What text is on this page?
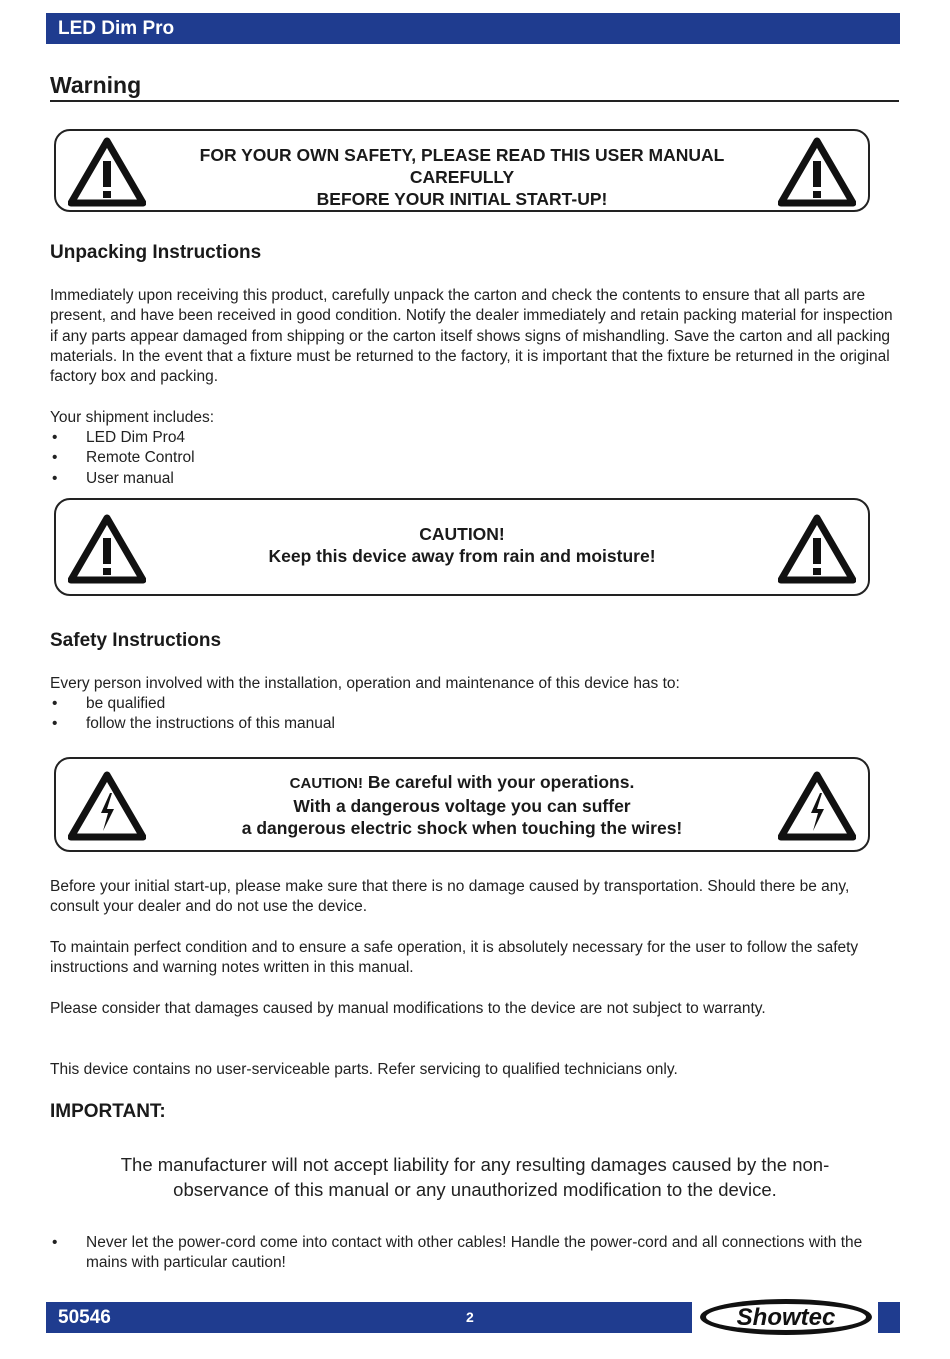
LED Dim Pro
Warning
FOR YOUR OWN SAFETY, PLEASE READ THIS USER MANUAL CAREFULLY
BEFORE YOUR INITIAL START-UP!
Unpacking Instructions

Immediately upon receiving this product, carefully unpack the carton and check the contents to ensure that all parts are present, and have been received in good condition. Notify the dealer immediately and retain packing material for inspection if any parts appear damaged from shipping or the carton itself shows signs of mishandling. Save the carton and all packing materials. In the event that a fixture must be returned to the factory, it is important that the fixture be returned in the original factory box and packing.

Your shipment includes:
• LED Dim Pro4
• Remote Control
• User manual
CAUTION!
Keep this device away from rain and moisture!
Safety Instructions
Every person involved with the installation, operation and maintenance of this device has to:
• be qualified
• follow the instructions of this manual
CAUTION! Be careful with your operations.
With a dangerous voltage you can suffer
a dangerous electric shock when touching the wires!
Before your initial start-up, please make sure that there is no damage caused by transportation. Should there be any, consult your dealer and do not use the device.
To maintain perfect condition and to ensure a safe operation, it is absolutely necessary for the user to follow the safety instructions and warning notes written in this manual.
Please consider that damages caused by manual modifications to the device are not subject to warranty.
This device contains no user-serviceable parts. Refer servicing to qualified technicians only.
IMPORTANT:
The manufacturer will not accept liability for any resulting damages caused by the non-
observance of this manual or any unauthorized modification to the device.
• Never let the power-cord come into contact with other cables! Handle the power-cord and all connections with the mains with particular caution!
50546	2	Showtec
